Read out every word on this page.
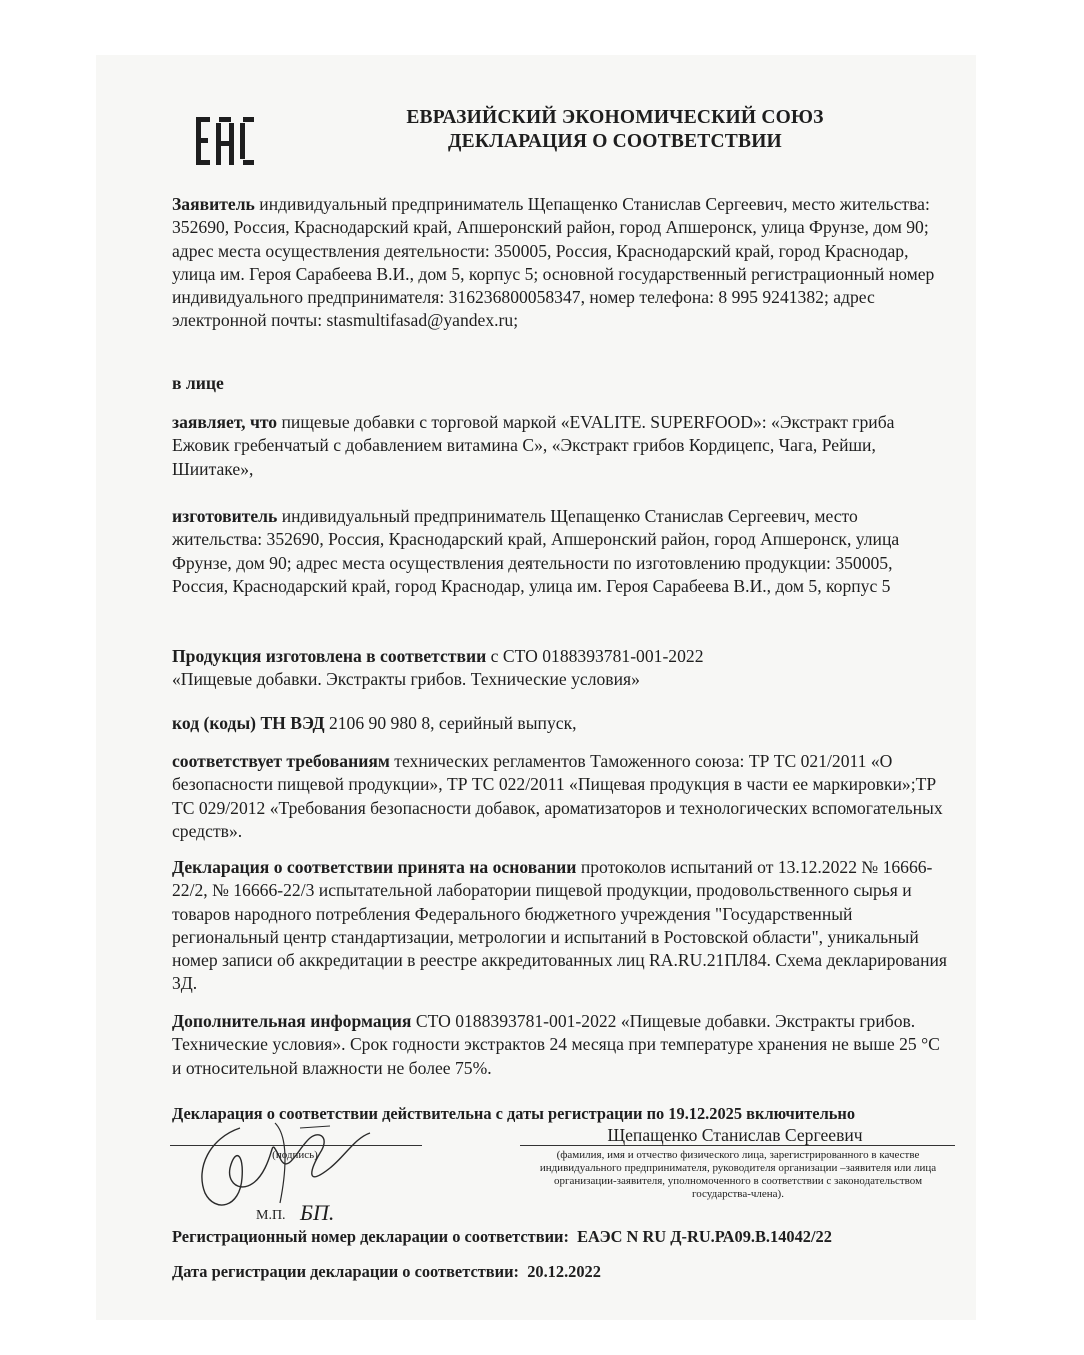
ЕВРАЗИЙСКИЙ ЭКОНОМИЧЕСКИЙ СОЮЗ
ДЕКЛАРАЦИЯ О СООТВЕТСТВИИ
Заявитель индивидуальный предприниматель Щепащенко Станислав Сергеевич, место жительства: 352690, Россия, Краснодарский край, Апшеронский район, город Апшеронск, улица Фрунзе, дом 90; адрес места осуществления деятельности: 350005, Россия, Краснодарский край, город Краснодар, улица им. Героя Сарабеева В.И., дом 5, корпус 5; основной государственный регистрационный номер индивидуального предпринимателя: 316236800058347, номер телефона: 8 995 9241382; адрес электронной почты: stasmultifasad@yandex.ru;
в лице
заявляет, что пищевые добавки с торговой маркой «EVALITE. SUPERFOOD»: «Экстракт гриба Ежовик гребенчатый с добавлением витамина С», «Экстракт грибов Кордицепс, Чага, Рейши, Шиитаке»,
изготовитель индивидуальный предприниматель Щепащенко Станислав Сергеевич, место жительства: 352690, Россия, Краснодарский край, Апшеронский район, город Апшеронск, улица Фрунзе, дом 90; адрес места осуществления деятельности по изготовлению продукции: 350005, Россия, Краснодарский край, город Краснодар, улица им. Героя Сарабеева В.И., дом 5, корпус 5
Продукция изготовлена в соответствии с СТО 0188393781-001-2022
«Пищевые добавки. Экстракты грибов. Технические условия»
код (коды) ТН ВЭД 2106 90 980 8, серийный выпуск,
соответствует требованиям технических регламентов Таможенного союза: ТР ТС 021/2011 «О безопасности пищевой продукции», ТР ТС 022/2011 «Пищевая продукция в части ее маркировки»;ТР ТС 029/2012 «Требования безопасности добавок, ароматизаторов и технологических вспомогательных средств».
Декларация о соответствии принята на основании протоколов испытаний от 13.12.2022 № 16666-22/2, № 16666-22/3 испытательной лаборатории пищевой продукции, продовольственного сырья и товаров народного потребления Федерального бюджетного учреждения "Государственный региональный центр стандартизации, метрологии и испытаний в Ростовской области", уникальный номер записи об аккредитации в реестре аккредитованных лиц RA.RU.21ПЛ84. Схема декларирования 3Д.
Дополнительная информация СТО 0188393781-001-2022 «Пищевые добавки. Экстракты грибов. Технические условия». Срок годности экстрактов 24 месяца при температуре хранения не выше 25 °С и относительной влажности не более 75%.
Декларация о соответствии действительна с даты регистрации по 19.12.2025 включительно
(подпись)
Щепащенко Станислав Сергеевич
(фамилия, имя и отчество физического лица, зарегистрированного в качестве индивидуального предпринимателя, руководителя организации –заявителя или лица организации-заявителя, уполномоченного в соответствии с законодательством государства-члена).
М.П. БП.
Регистрационный номер декларации о соответствии: ЕАЭС N RU Д-RU.РА09.В.14042/22
Дата регистрации декларации о соответствии: 20.12.2022
